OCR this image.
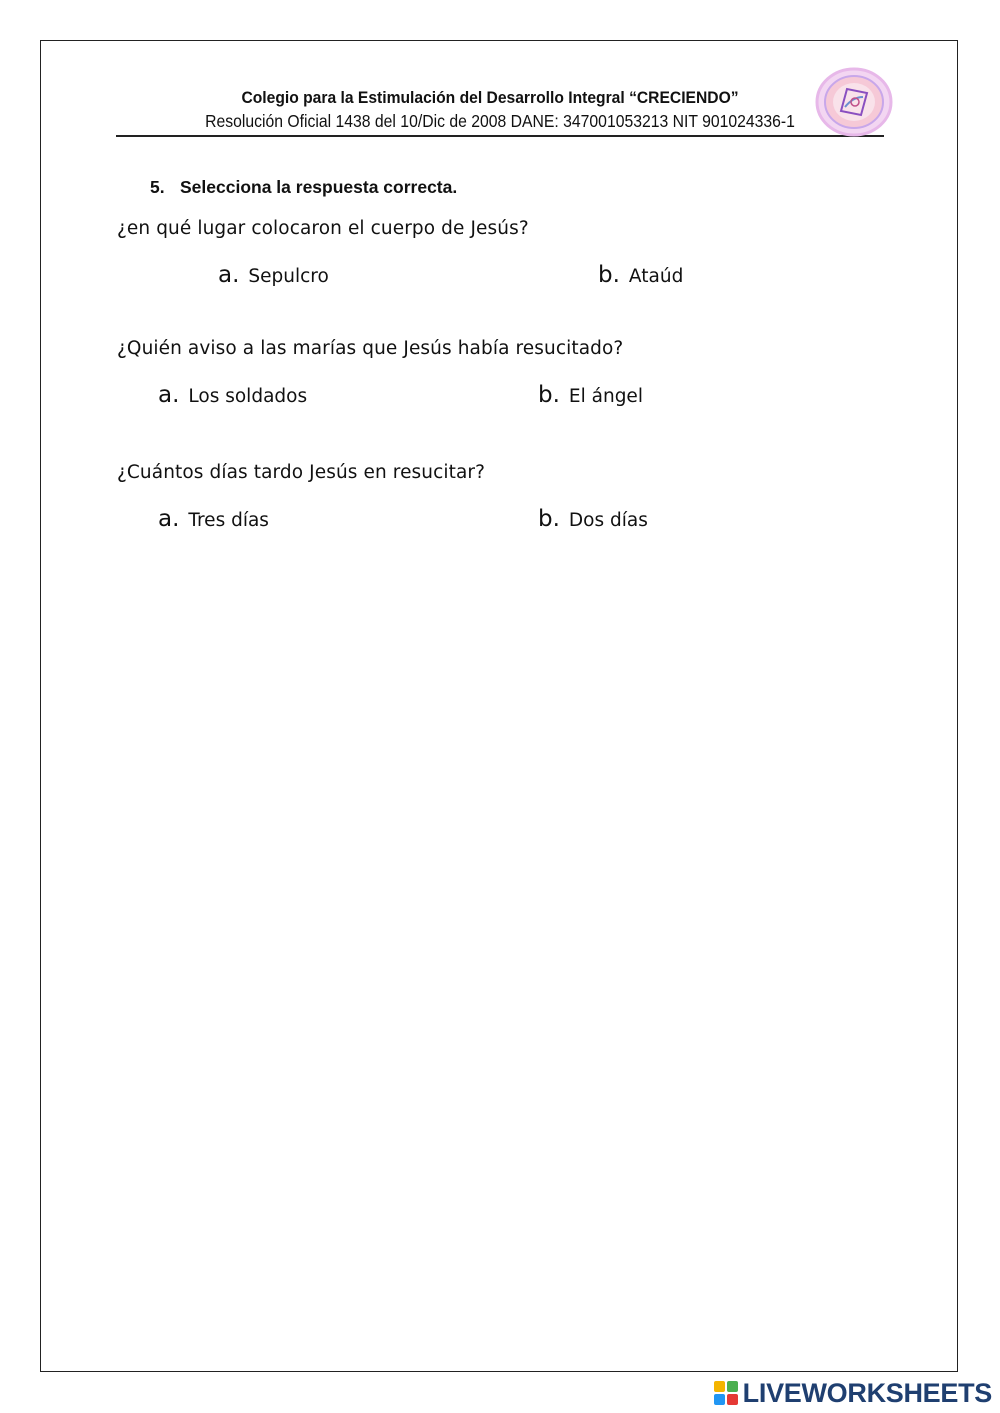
Colegio para la Estimulación del Desarrollo Integral “CRECIENDO”
Resolución Oficial 1438 del 10/Dic de 2008 DANE: 347001053213 NIT 901024336-1
5. Selecciona la respuesta correcta.
¿en qué lugar colocaron el cuerpo de Jesús?
a. Sepulcro	b. Ataúd
¿Quién aviso a las marías que Jesús había resucitado?
a. Los soldados	b. El ángel
¿Cuántos días tardo Jesús en resucitar?
a. Tres días	b. Dos días
LIVEWORKSHEETS
